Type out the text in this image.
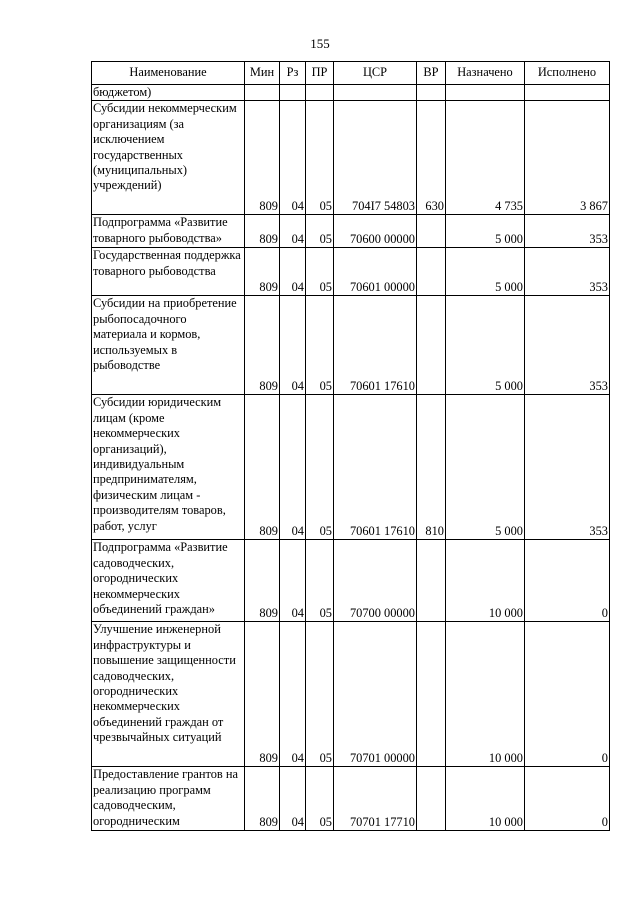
155
Наименование	Мин	Рз	ПР	ЦСР	ВР	Назначено	Исполнено
бюджетом)							
Субсидии некоммерческим организациям (за исключением государственных (муниципальных) учреждений)	809	04	05	704I7 54803	630	4 735	3 867
Подпрограмма «Развитие товарного рыбоводства»	809	04	05	70600 00000		5 000	353
Государственная поддержка товарного рыбоводства	809	04	05	70601 00000		5 000	353
Субсидии на приобретение рыбопосадочного материала и кормов, используемых в рыбоводстве	809	04	05	70601 17610		5 000	353
Субсидии юридическим лицам (кроме некоммерческих организаций), индивидуальным предпринимателям, физическим лицам - производителям товаров, работ, услуг	809	04	05	70601 17610	810	5 000	353
Подпрограмма «Развитие садоводческих, огороднических некоммерческих объединений граждан»	809	04	05	70700 00000		10 000	0
Улучшение инженерной инфраструктуры и повышение защищенности садоводческих, огороднических некоммерческих объединений граждан от чрезвычайных ситуаций	809	04	05	70701 00000		10 000	0
Предоставление грантов на реализацию программ садоводческим, огородническим	809	04	05	70701 17710		10 000	0
